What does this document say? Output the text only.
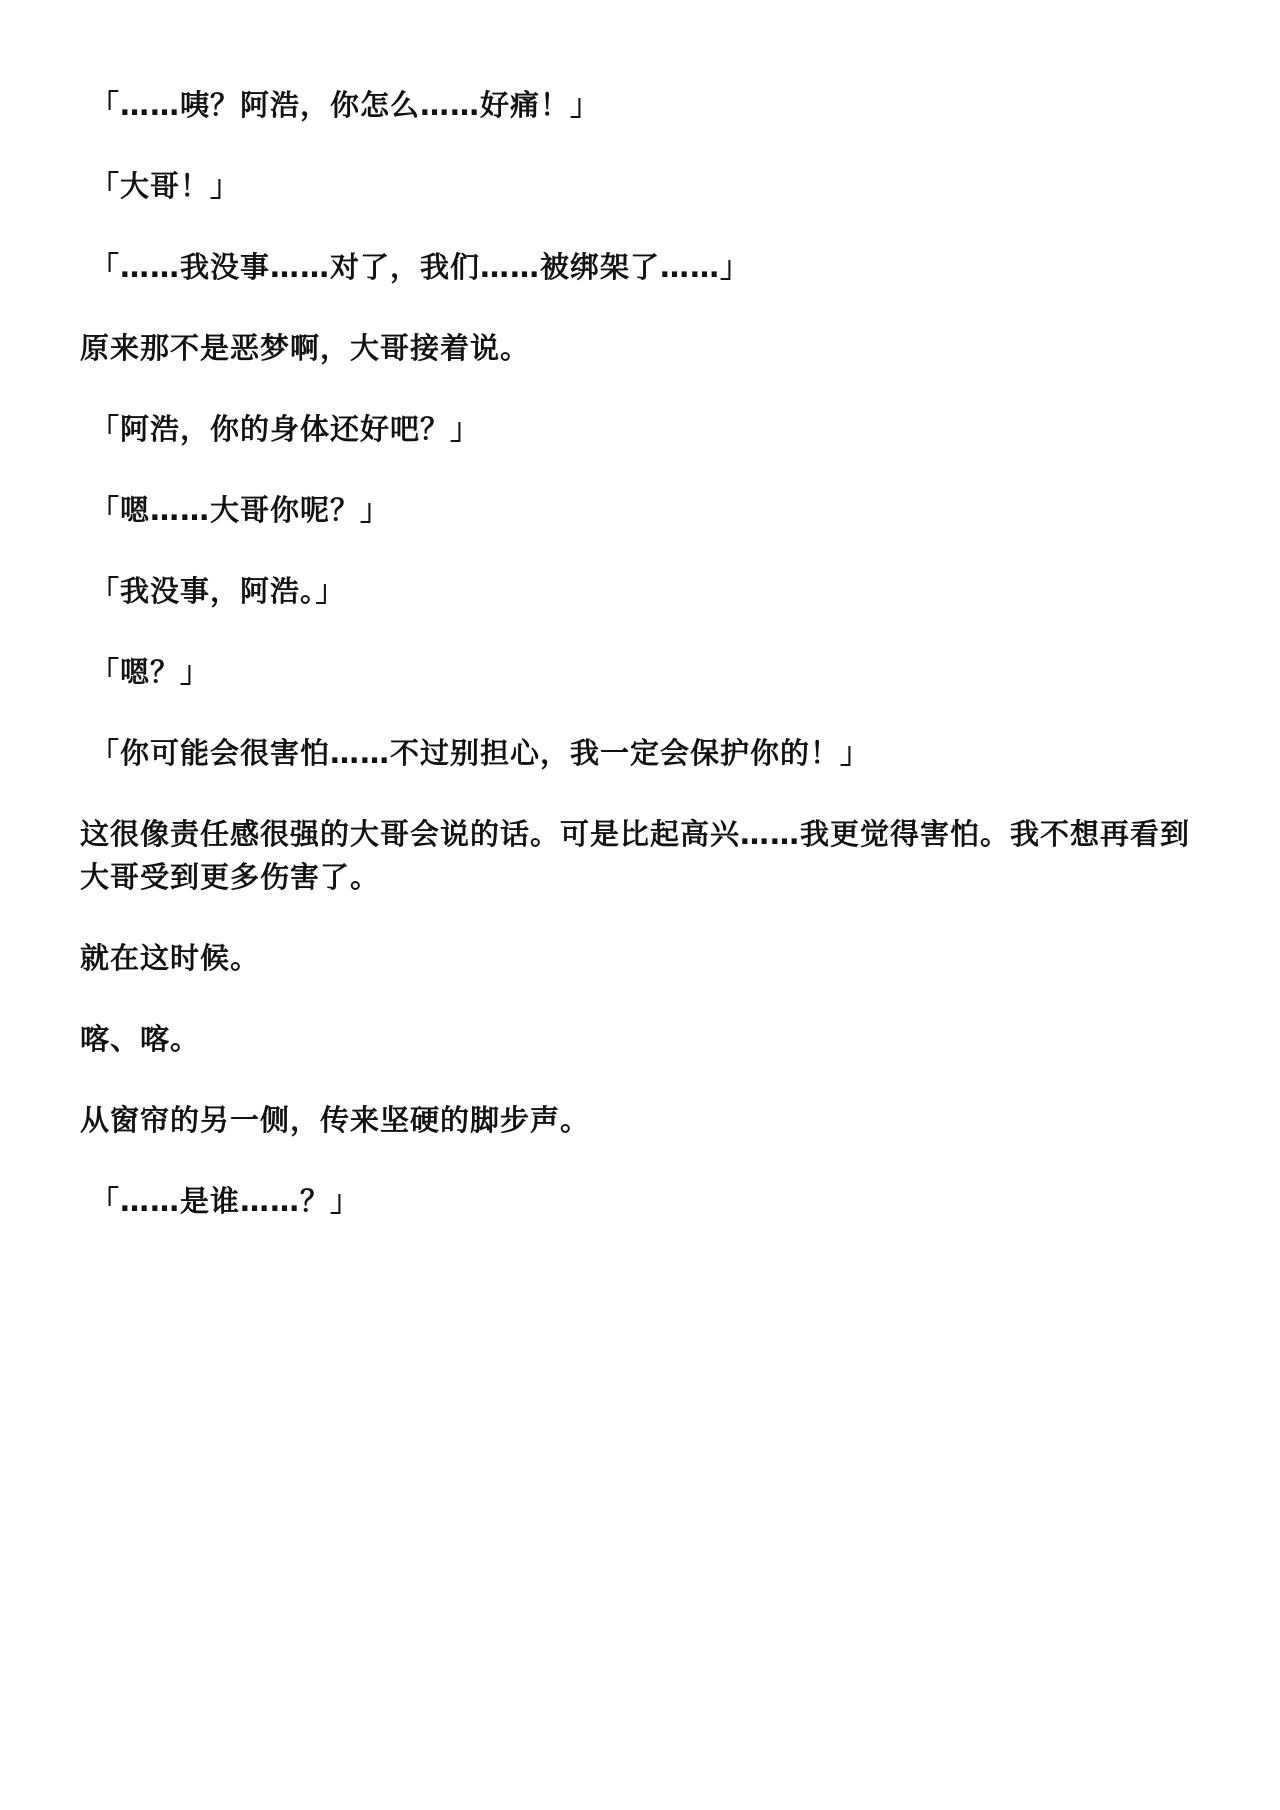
「……咦？阿浩，你怎么……好痛！」

「大哥！」

「……我没事……对了，我们……被绑架了……」

原来那不是恶梦啊，大哥接着说。

「阿浩，你的身体还好吧？」

「嗯……大哥你呢？」

「我没事，阿浩。」

「嗯？」

「你可能会很害怕……不过别担心，我一定会保护你的！」

这很像责任感很强的大哥会说的话。可是比起高兴……我更觉得害怕。我不想再看到大哥受到更多伤害了。

就在这时候。

喀、喀。

从窗帘的另一侧，传来坚硬的脚步声。

「……是谁……？」
